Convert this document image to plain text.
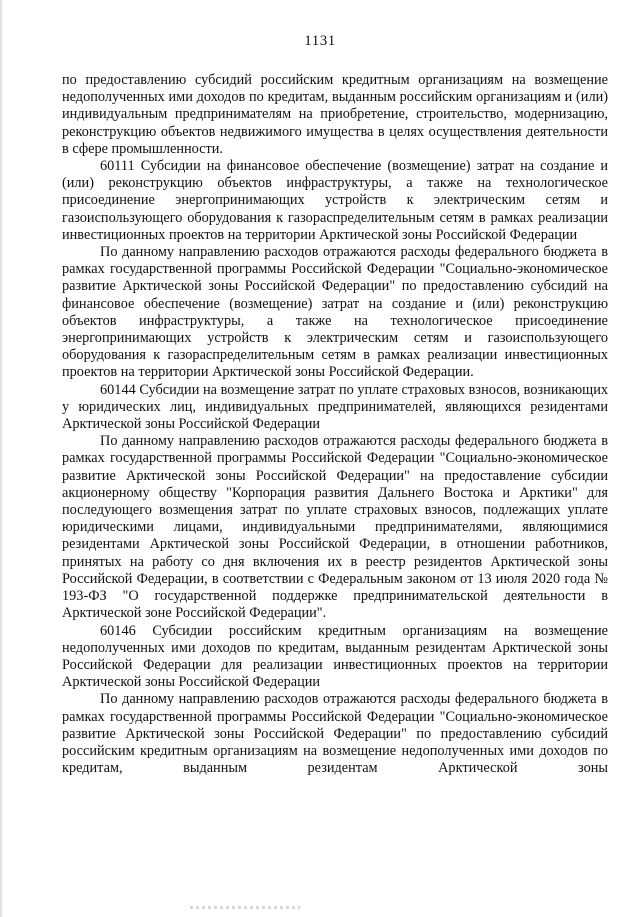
1131

по предоставлению субсидий российским кредитным организациям на возмещение недополученных ими доходов по кредитам, выданным российским организациям и (или) индивидуальным предпринимателям на приобретение, строительство, модернизацию, реконструкцию объектов недвижимого имущества в целях осуществления деятельности в сфере промышленности.

60111 Субсидии на финансовое обеспечение (возмещение) затрат на создание и (или) реконструкцию объектов инфраструктуры, а также на технологическое присоединение энергопринимающих устройств к электрическим сетям и газоиспользующего оборудования к газораспределительным сетям в рамках реализации инвестиционных проектов на территории Арктической зоны Российской Федерации

По данному направлению расходов отражаются расходы федерального бюджета в рамках государственной программы Российской Федерации "Социально-экономическое развитие Арктической зоны Российской Федерации" по предоставлению субсидий на финансовое обеспечение (возмещение) затрат на создание и (или) реконструкцию объектов инфраструктуры, а также на технологическое присоединение энергопринимающих устройств к электрическим сетям и газоиспользующего оборудования к газораспределительным сетям в рамках реализации инвестиционных проектов на территории Арктической зоны Российской Федерации.

60144 Субсидии на возмещение затрат по уплате страховых взносов, возникающих у юридических лиц, индивидуальных предпринимателей, являющихся резидентами Арктической зоны Российской Федерации

По данному направлению расходов отражаются расходы федерального бюджета в рамках государственной программы Российской Федерации "Социально-экономическое развитие Арктической зоны Российской Федерации" на предоставление субсидии акционерному обществу "Корпорация развития Дальнего Востока и Арктики" для последующего возмещения затрат по уплате страховых взносов, подлежащих уплате юридическими лицами, индивидуальными предпринимателями, являющимися резидентами Арктической зоны Российской Федерации, в отношении работников, принятых на работу со дня включения их в реестр резидентов Арктической зоны Российской Федерации, в соответствии с Федеральным законом от 13 июля 2020 года № 193-ФЗ "О государственной поддержке предпринимательской деятельности в Арктической зоне Российской Федерации".

60146 Субсидии российским кредитным организациям на возмещение недополученных ими доходов по кредитам, выданным резидентам Арктической зоны Российской Федерации для реализации инвестиционных проектов на территории Арктической зоны Российской Федерации

По данному направлению расходов отражаются расходы федерального бюджета в рамках государственной программы Российской Федерации "Социально-экономическое развитие Арктической зоны Российской Федерации" по предоставлению субсидий российским кредитным организациям на возмещение недополученных ими доходов по кредитам, выданным резидентам Арктической зоны
